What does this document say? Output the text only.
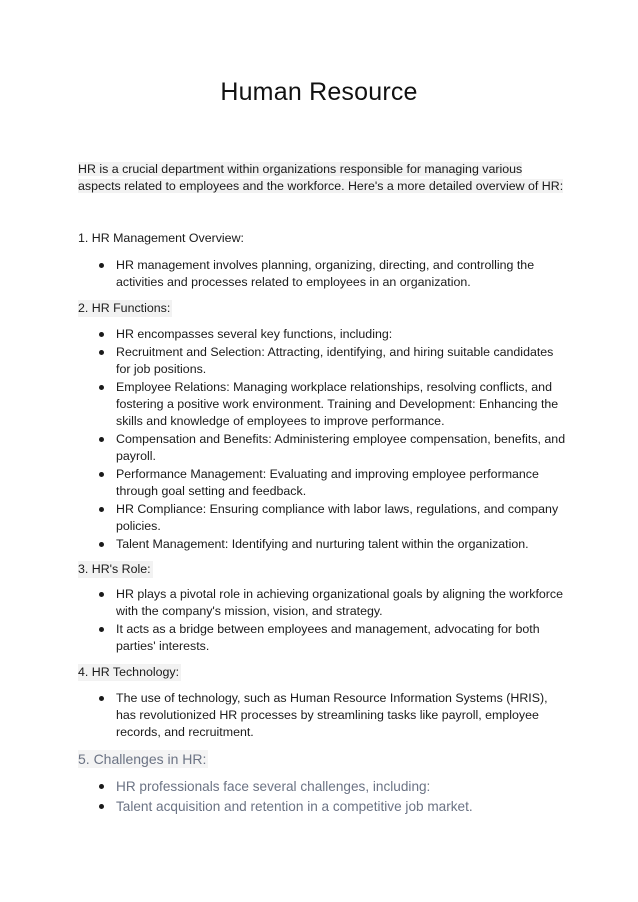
Human Resource
HR is a crucial department within organizations responsible for managing various aspects related to employees and the workforce. Here's a more detailed overview of HR:
1. HR Management Overview:
HR management involves planning, organizing, directing, and controlling the activities and processes related to employees in an organization.
2. HR Functions:
HR encompasses several key functions, including:
Recruitment and Selection: Attracting, identifying, and hiring suitable candidates for job positions.
Employee Relations: Managing workplace relationships, resolving conflicts, and fostering a positive work environment. Training and Development: Enhancing the skills and knowledge of employees to improve performance.
Compensation and Benefits: Administering employee compensation, benefits, and payroll.
Performance Management: Evaluating and improving employee performance through goal setting and feedback.
HR Compliance: Ensuring compliance with labor laws, regulations, and company policies.
Talent Management: Identifying and nurturing talent within the organization.
3. HR's Role:
HR plays a pivotal role in achieving organizational goals by aligning the workforce with the company's mission, vision, and strategy.
It acts as a bridge between employees and management, advocating for both parties' interests.
4. HR Technology:
The use of technology, such as Human Resource Information Systems (HRIS), has revolutionized HR processes by streamlining tasks like payroll, employee records, and recruitment.
5. Challenges in HR:
HR professionals face several challenges, including:
Talent acquisition and retention in a competitive job market.
